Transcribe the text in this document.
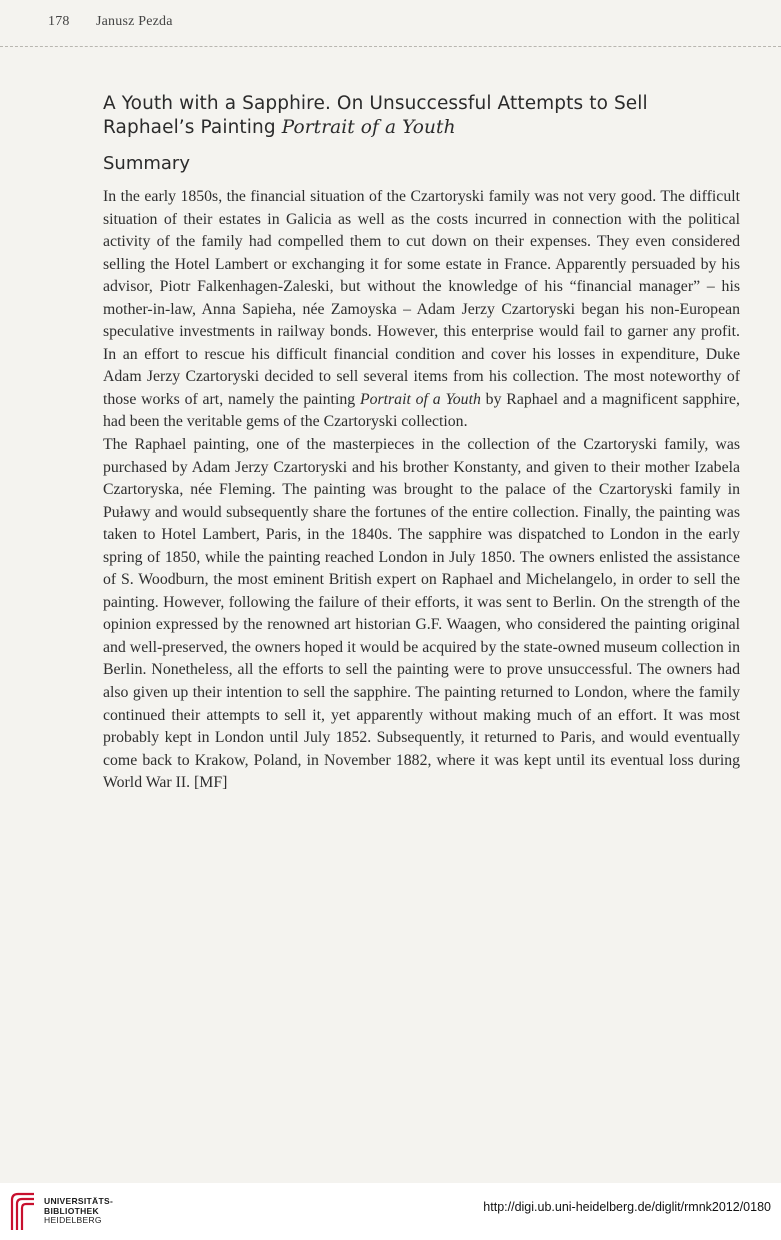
178 Janusz Pezda
A Youth with a Sapphire. On Unsuccessful Attempts to Sell Raphael’s Painting Portrait of a Youth
Summary

In the early 1850s, the financial situation of the Czartoryski family was not very good. The difficult situation of their estates in Galicia as well as the costs incurred in connection with the political activity of the family had compelled them to cut down on their expenses. They even considered selling the Hotel Lambert or exchanging it for some estate in France. Apparently persuaded by his advisor, Piotr Falkenhagen-Zaleski, but without the knowledge of his “financial manager” – his mother-in-law, Anna Sapieha, née Zamoyska – Adam Jerzy Czartoryski began his non-European speculative investments in railway bonds. However, this enterprise would fail to garner any profit. In an effort to rescue his difficult financial condition and cover his losses in expenditure, Duke Adam Jerzy Czartoryski decided to sell several items from his collection. The most noteworthy of those works of art, namely the painting Portrait of a Youth by Raphael and a magnificent sapphire, had been the veritable gems of the Czartoryski collection.

The Raphael painting, one of the masterpieces in the collection of the Czartoryski family, was purchased by Adam Jerzy Czartoryski and his brother Konstanty, and given to their mother Izabela Czartoryska, née Fleming. The painting was brought to the palace of the Czartoryski family in Puławy and would subsequently share the fortunes of the entire collection. Finally, the painting was taken to Hotel Lambert, Paris, in the 1840s. The sapphire was dispatched to London in the early spring of 1850, while the painting reached London in July 1850. The owners enlisted the assistance of S. Woodburn, the most eminent British expert on Raphael and Michelangelo, in order to sell the painting. However, following the failure of their efforts, it was sent to Berlin. On the strength of the opinion expressed by the renowned art historian G.F. Waagen, who considered the painting original and well-preserved, the owners hoped it would be acquired by the state-owned museum collection in Berlin. Nonetheless, all the efforts to sell the painting were to prove unsuccessful. The owners had also given up their intention to sell the sapphire. The painting returned to London, where the family continued their attempts to sell it, yet apparently without making much of an effort. It was most probably kept in London until July 1852. Subsequently, it returned to Paris, and would eventually come back to Krakow, Poland, in November 1882, where it was kept until its eventual loss during World War II. [MF]

UNIVERSITÄTS-
BIBLIOTHEK
HEIDELBERG
http://digi.ub.uni-heidelberg.de/diglit/rmnk2012/0180
